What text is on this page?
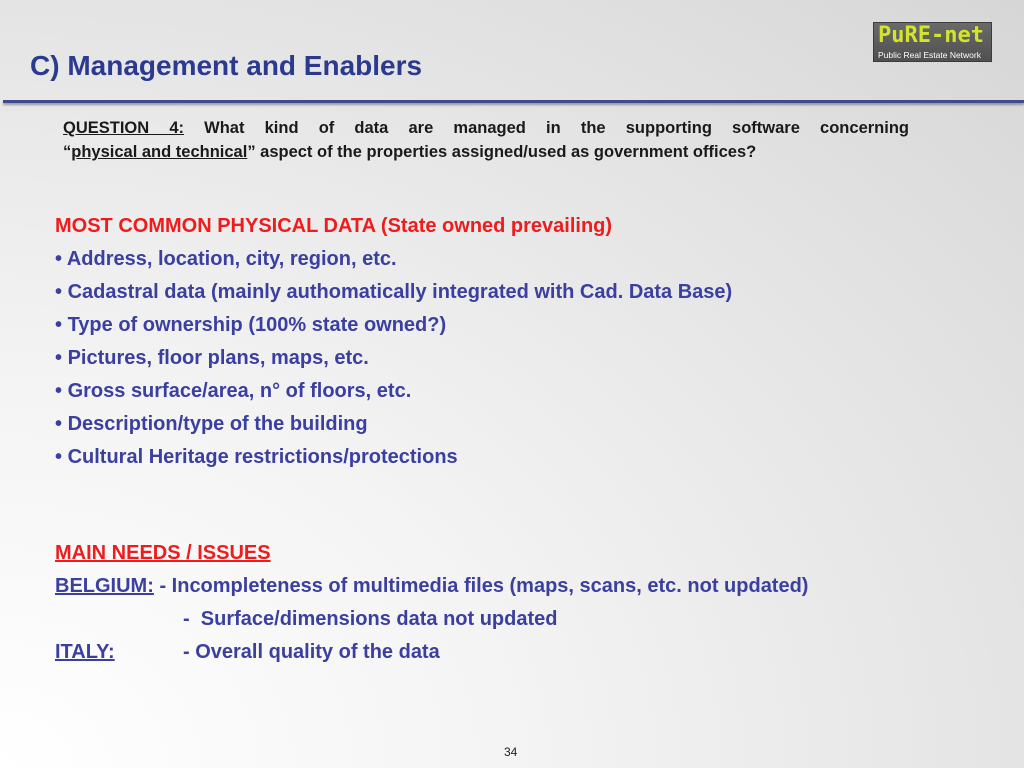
C) Management and Enablers
PuRE-net
Public Real Estate Network

QUESTION 4: What kind of data are managed in the supporting software concerning

“physical and technical” aspect of the properties assigned/used as government offices?

MOST COMMON PHYSICAL DATA (State owned prevailing)
• Address, location, city, region, etc.
• Cadastral data (mainly authomatically integrated with Cad. Data Base)
• Type of ownership (100% state owned?)
• Pictures, floor plans, maps, etc.
• Gross surface/area, n° of floors, etc.
• Description/type of the building
• Cultural Heritage restrictions/protections
MAIN NEEDS / ISSUES
BELGIUM: - Incompleteness of multimedia files (maps, scans, etc. not updated)
-  Surface/dimensions data not updated
ITALY:	- Overall quality of the data
34
